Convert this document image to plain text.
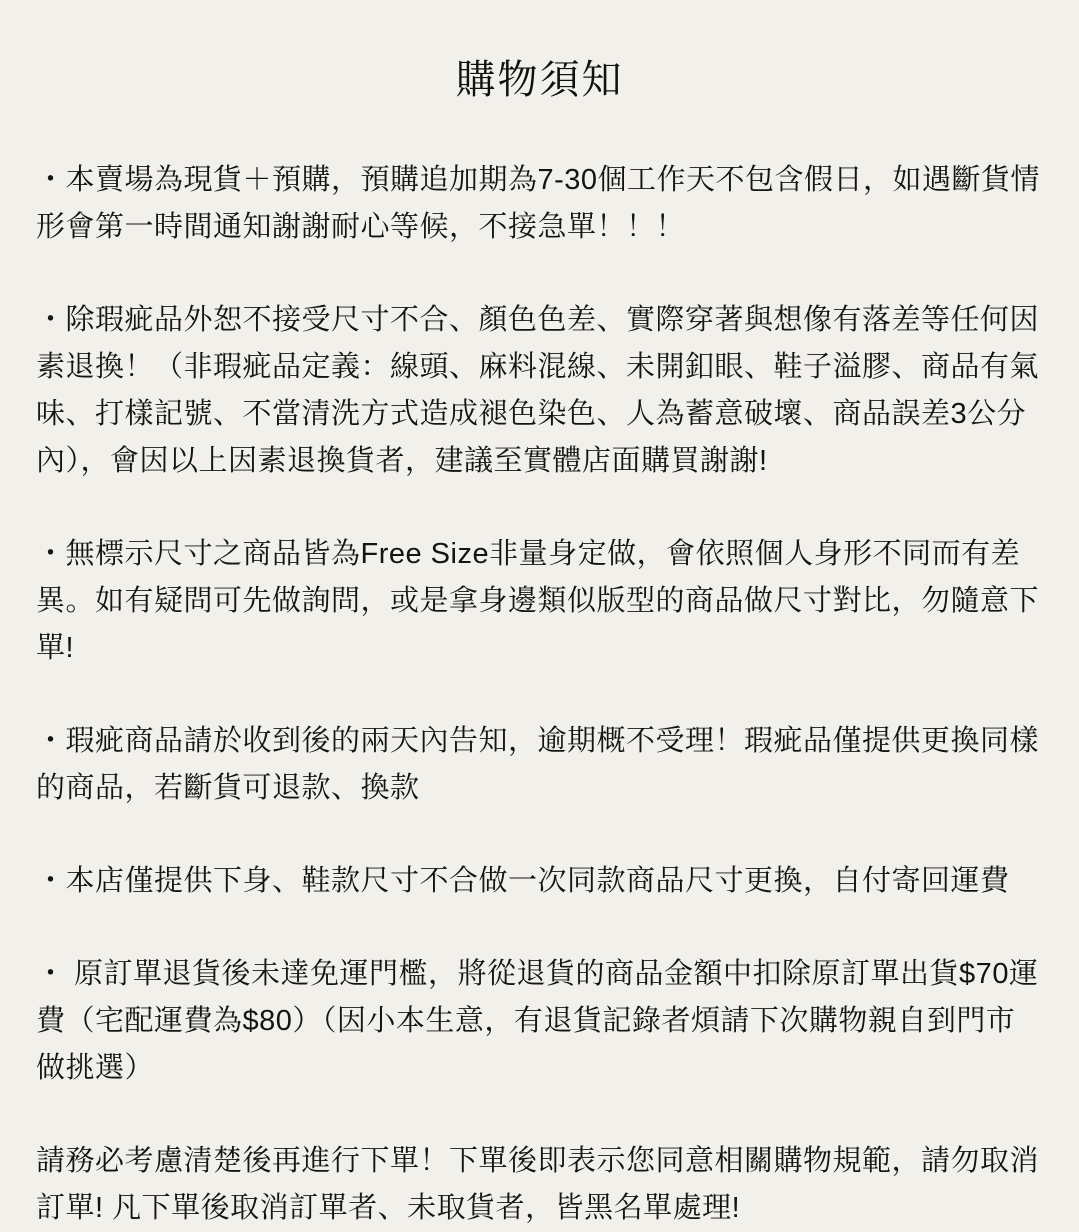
購物須知

・本賣場為現貨＋預購，預購追加期為7-30個工作天不包含假日，如遇斷貨情形會第一時間通知謝謝耐心等候，不接急單！！！

・除瑕疵品外恕不接受尺寸不合、顏色色差、實際穿著與想像有落差等任何因素退換！（非瑕疵品定義：線頭、麻料混線、未開釦眼、鞋子溢膠、商品有氣味、打樣記號、不當清洗方式造成褪色染色、人為蓄意破壞、商品誤差3公分內），會因以上因素退換貨者，建議至實體店面購買謝謝!

・無標示尺寸之商品皆為Free Size非量身定做，會依照個人身形不同而有差異。如有疑問可先做詢問，或是拿身邊類似版型的商品做尺寸對比，勿隨意下單!

・瑕疵商品請於收到後的兩天內告知，逾期概不受理！瑕疵品僅提供更換同樣的商品，若斷貨可退款、換款

・本店僅提供下身、鞋款尺寸不合做一次同款商品尺寸更換，自付寄回運費

・ 原訂單退貨後未達免運門檻，將從退貨的商品金額中扣除原訂單出貨$70運費（宅配運費為$80）（因小本生意，有退貨記錄者煩請下次購物親自到門市做挑選）

請務必考慮清楚後再進行下單！下單後即表示您同意相關購物規範，請勿取消訂單! 凡下單後取消訂單者、未取貨者，皆黑名單處理!
